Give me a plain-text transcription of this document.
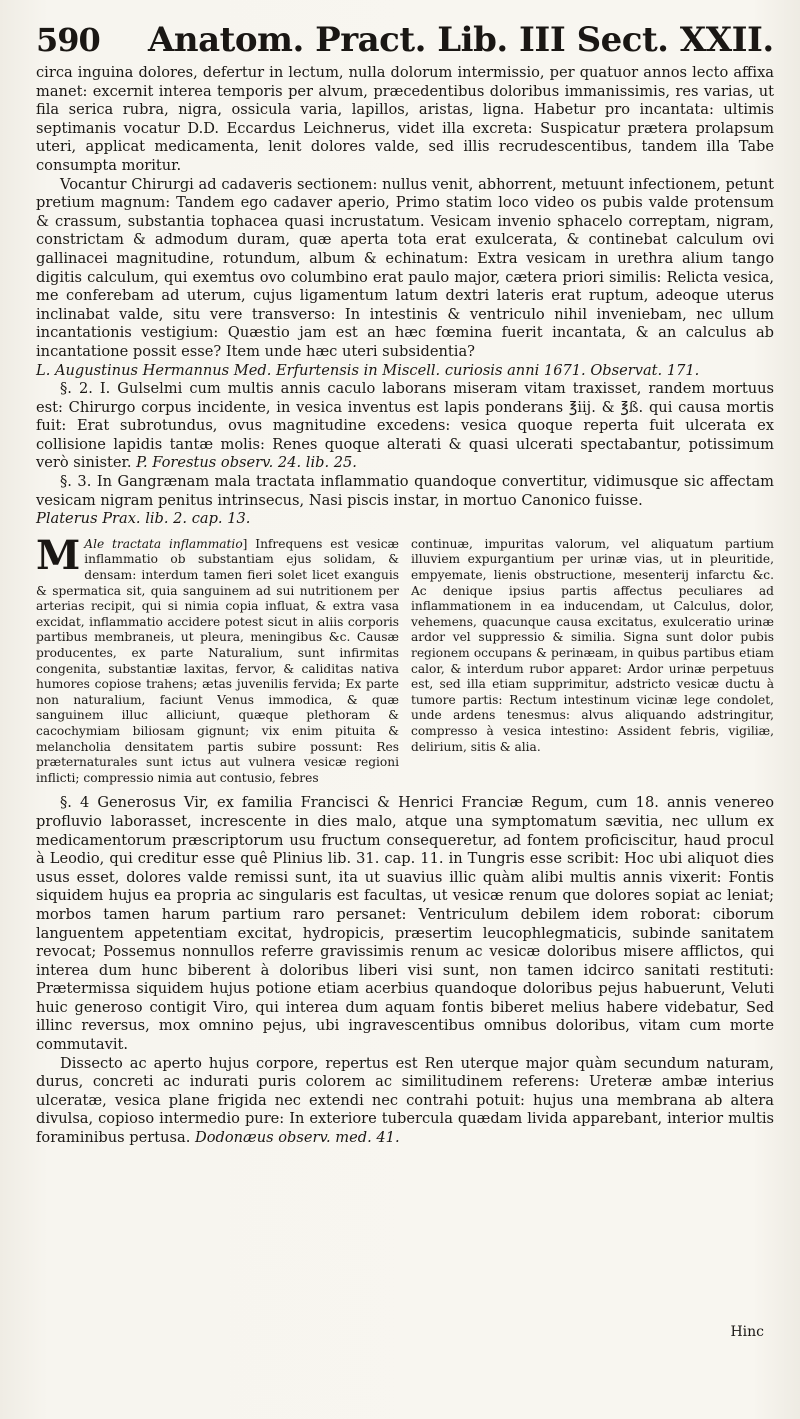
590	Anatom. Pract. Lib. III Sect. XXII.

circa inguina dolores, defertur in lectum, nulla dolorum intermissio, per quatuor annos lecto affixa manet: excernit interea temporis per alvum, præcedentibus doloribus immanissimis, res varias, ut fila serica rubra, nigra, ossicula varia, lapillos, aristas, ligna. Habetur pro incantata: ultimis septimanis vocatur D.D. Eccardus Leichnerus, videt illa excreta: Suspicatur prætera prolapsum uteri, applicat medicamenta, lenit dolores valde, sed illis recrudescentibus, tandem illa Tabe consumpta moritur.

Vocantur Chirurgi ad cadaveris sectionem: nullus venit, abhorrent, metuunt infectionem, petunt pretium magnum: Tandem ego cadaver aperio, Primo statim loco video os pubis valde protensum & crassum, substantia tophacea quasi incrustatum. Vesicam invenio sphacelo correptam, nigram, constrictam & admodum duram, quæ aperta tota erat exulcerata, & continebat calculum ovi gallinacei magnitudine, rotundum, album & echinatum: Extra vesicam in urethra alium tango digitis calculum, qui exemtus ovo columbino erat paulo major, cætera priori similis: Relicta vesica, me conferebam ad uterum, cujus ligamentum latum dextri lateris erat ruptum, adeoque uterus inclinabat valde, situ vere transverso: In intestinis & ventriculo nihil inveniebam, nec ullum incantationis vestigium: Quæstio jam est an hæc fœmina fuerit incantata, & an calculus ab incantatione possit esse? Item unde hæc uteri subsidentia?

L. Augustinus Hermannus Med. Erfurtensis in Miscell. curiosis anni 1671. Observat. 171.

§. 2. I. Gulselmi cum multis annis caculo laborans miseram vitam traxisset, randem mortuus est: Chirurgo corpus incidente, in vesica inventus est lapis ponderans ℥iij. & ℥ß. qui causa mortis fuit: Erat subrotundus, ovus magnitudine excedens: vesica quoque reperta fuit ulcerata ex collisione lapidis tantæ molis: Renes quoque alterati & quasi ulcerati spectabantur, potissimum verò sinister. P. Forestus observ. 24. lib. 25.

§. 3. In Gangrænam mala tractata inflammatio quandoque convertitur, vidimusque sic affectam vesicam nigram penitus intrinsecus, Nasi piscis instar, in mortuo Canonico fuisse.

Platerus Prax. lib. 2. cap. 13.

M Ale tractata inflammatio] Infrequens est vesicæ inflammatio ob substantiam ejus solidam, & densam: interdum tamen fieri solet licet exanguis & spermatica sit, quia sanguinem ad sui nutritionem per arterias recipit, qui si nimia copia influat, & extra vasa excidat, inflammatio accidere potest sicut in aliis corporis partibus membraneis, ut pleura, meningibus &c. Causæ producentes, ex parte Naturalium, sunt infirmitas congenita, substantiæ laxitas, fervor, & caliditas nativa humores copiose trahens; ætas juvenilis fervida; Ex parte non naturalium, faciunt Venus immodica, & quæ sanguinem illuc alliciunt, quæque plethoram & cacochymiam biliosam gignunt; vix enim pituita & melancholia densitatem partis subire possunt: Res præternaturales sunt ictus aut vulnera vesicæ regioni inflicti; compressio nimia aut contusio, febres

continuæ, impuritas valorum, vel aliquatum partium illuviem expurgantium per urinæ vias, ut in pleuritide, empyemate, lienis obstructione, mesenterij infarctu &c. Ac denique ipsius partis affectus peculiares ad inflammationem in ea inducendam, ut Calculus, dolor, vehemens, quacunque causa excitatus, exulceratio urinæ ardor vel suppressio & similia. Signa sunt dolor pubis regionem occupans & perinæam, in quibus partibus etiam calor, & interdum rubor apparet: Ardor urinæ perpetuus est, sed illa etiam supprimitur, adstricto vesicæ ductu à tumore partis: Rectum intestinum vicinæ lege condolet, unde ardens tenesmus: alvus aliquando adstringitur, compresso à vesica intestino: Assident febris, vigiliæ, delirium, sitis & alia.

§. 4 Generosus Vir, ex familia Francisci & Henrici Franciæ Regum, cum 18. annis venereo profluvio laborasset, increscente in dies malo, atque una symptomatum sævitia, nec ullum ex medicamentorum præscriptorum usu fructum consequeretur, ad fontem proficiscitur, haud procul à Leodio, qui creditur esse quê Plinius lib. 31. cap. 11. in Tungris esse scribit: Hoc ubi aliquot dies usus esset, dolores valde remissi sunt, ita ut suavius illic quàm alibi multis annis vixerit: Fontis siquidem hujus ea propria ac singularis est facultas, ut vesicæ renum que dolores sopiat ac leniat; morbos tamen harum partium raro persanet: Ventriculum debilem idem roborat: ciborum languentem appetentiam excitat, hydropicis, præsertim leucophlegmaticis, subinde sanitatem revocat; Possemus nonnullos referre gravissimis renum ac vesicæ doloribus misere afflictos, qui interea dum hunc biberent à doloribus liberi visi sunt, non tamen idcirco sanitati restituti: Prætermissa siquidem hujus potione etiam acerbius quandoque doloribus pejus habuerunt, Veluti huic generoso contigit Viro, qui interea dum aquam fontis biberet melius habere videbatur, Sed illinc reversus, mox omnino pejus, ubi ingravescentibus omnibus doloribus, vitam cum morte commutavit.

Dissecto ac aperto hujus corpore, repertus est Ren uterque major quàm secundum naturam, durus, concreti ac indurati puris colorem ac similitudinem referens: Ureteræ ambæ interius ulceratæ, vesica plane frigida nec extendi nec contrahi potuit: hujus una membrana ab altera divulsa, copioso intermedio pure: In exteriore tubercula quædam livida apparebant, interior multis foraminibus pertusa. Dodonæus observ. med. 41.

Hinc
